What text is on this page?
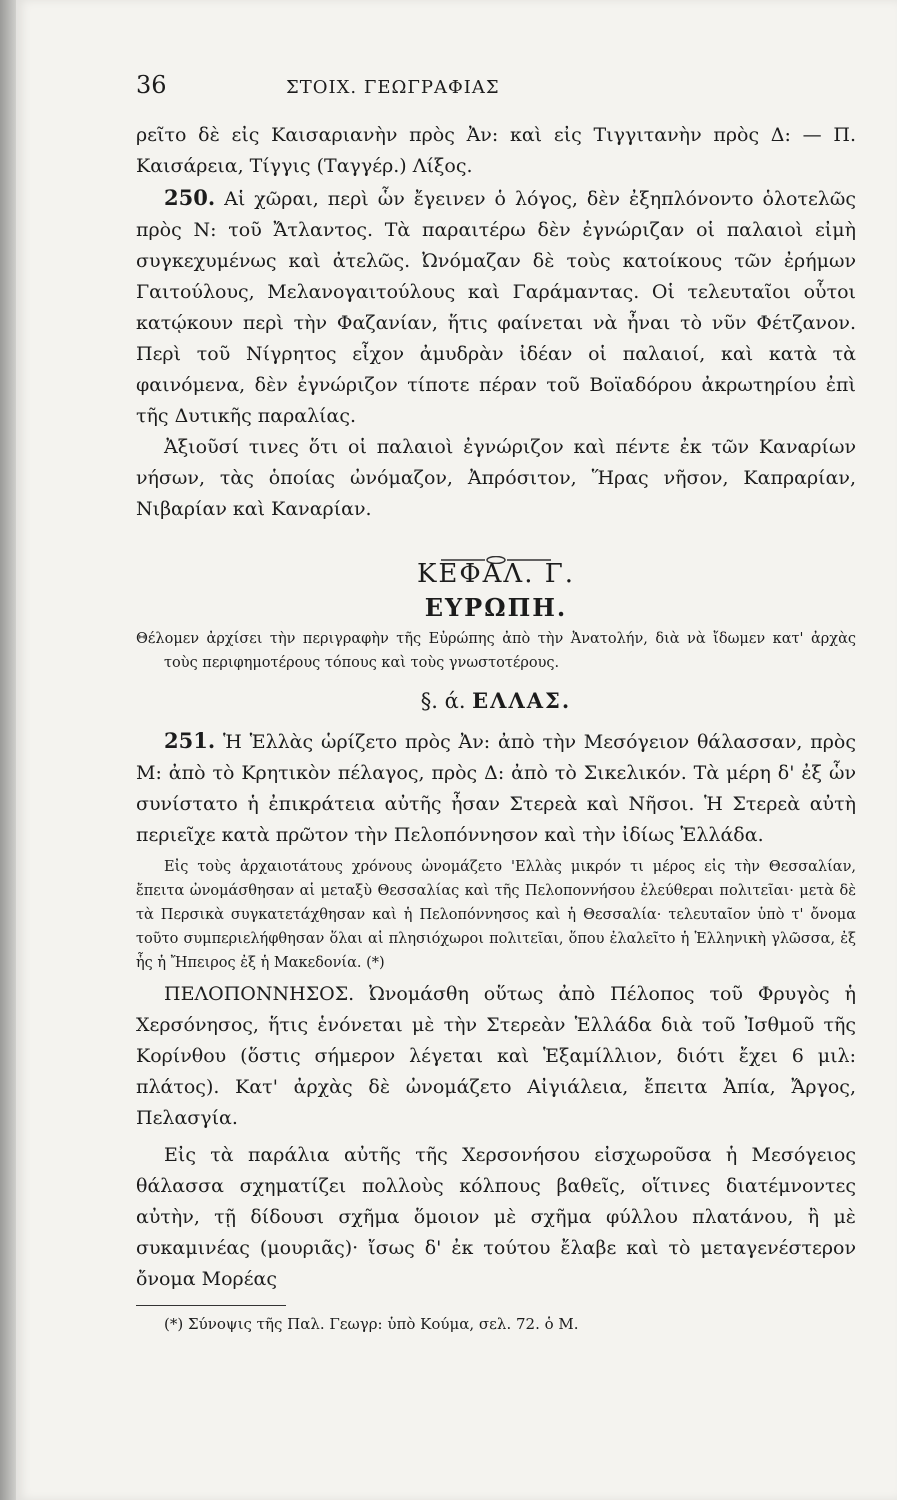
36	ΣΤΟΙΧ. ΓΕΩΓΡΑΦΙΑΣ

ρεῖτο δὲ εἰς Καισαριανὴν πρὸς Ἀν: καὶ εἰς Τιγγιτανὴν πρὸς Δ: — Π. Καισάρεια, Τίγγις (Ταγγέρ.) Λίξος.

250. Αἱ χῶραι, περὶ ὧν ἔγεινεν ὁ λόγος, δὲν ἐξηπλόνοντο ὁλοτελῶς πρὸς Ν: τοῦ Ἄτλαντος. Τὰ παραιτέρω δὲν ἐγνώριζαν οἱ παλαιοὶ εἰμὴ συγκεχυμένως καὶ ἀτελῶς. Ὠνόμαζαν δὲ τοὺς κατοίκους τῶν ἐρήμων Γαιτούλους, Μελανογαιτούλους καὶ Γαράμαντας. Οἱ τελευταῖοι οὗτοι κατῴκουν περὶ τὴν Φαζανίαν, ἥτις φαίνεται νὰ ἦναι τὸ νῦν Φέτζανον. Περὶ τοῦ Νίγρητος εἶχον ἀμυδρὰν ἰδέαν οἱ παλαιοί, καὶ κατὰ τὰ φαινόμενα, δὲν ἐγνώριζον τίποτε πέραν τοῦ Βοϊαδόρου ἀκρωτηρίου ἐπὶ τῆς Δυτικῆς παραλίας.

Ἀξιοῦσί τινες ὅτι οἱ παλαιοὶ ἐγνώριζον καὶ πέντε ἐκ τῶν Καναρίων νήσων, τὰς ὁποίας ὠνόμαζον, Ἀπρόσιτον, Ἥρας νῆσον, Καπραρίαν, Νιβαρίαν καὶ Καναρίαν.

ΚΕΦΑΛ. Γ.
ΕΥΡΩΠΗ.

Θέλομεν ἀρχίσει τὴν περιγραφὴν τῆς Εὐρώπης ἀπὸ τὴν Ἀνατολήν, διὰ νὰ ἴδωμεν κατ' ἀρχὰς τοὺς περιφημοτέρους τόπους καὶ τοὺς γνωστοτέρους.

§. ά. ΕΛΛΑΣ.

251. Ἡ Ἑλλὰς ὡρίζετο πρὸς Ἀν: ἀπὸ τὴν Μεσόγειον θάλασσαν, πρὸς Μ: ἀπὸ τὸ Κρητικὸν πέλαγος, πρὸς Δ: ἀπὸ τὸ Σικελικόν. Τὰ μέρη δ' ἐξ ὧν συνίστατο ἡ ἐπικράτεια αὐτῆς ἦσαν Στερεὰ καὶ Νῆσοι. Ἡ Στερεὰ αὐτὴ περιεῖχε κατὰ πρῶτον τὴν Πελοπόννησον καὶ τὴν ἰδίως Ἑλλάδα.

Εἰς τοὺς ἀρχαιοτάτους χρόνους ὠνομάζετο 'Ελλὰς μικρόν τι μέρος εἰς τὴν Θεσσαλίαν, ἔπειτα ὠνομάσθησαν αἱ μεταξὺ Θεσσαλίας καὶ τῆς Πελοποννήσου ἐλεύθεραι πολιτεῖαι· μετὰ δὲ τὰ Περσικὰ συγκατετάχθησαν καὶ ἡ Πελοπόννησος καὶ ἡ Θεσσαλία· τελευταῖον ὑπὸ τ' ὄνομα τοῦτο συμπεριελήφθησαν ὅλαι αἱ πλησιόχωροι πολιτεῖαι, ὅπου ἐλαλεῖτο ἡ Ἑλληνικὴ γλῶσσα, ἐξ ἧς ἡ Ἤπειρος ἐξ ἡ Μακεδονία. (*)

ΠΕΛΟΠΟΝΝΗΣΟΣ. Ὠνομάσθη οὕτως ἀπὸ Πέλοπος τοῦ Φρυγὸς ἡ Χερσόνησος, ἥτις ἑνόνεται μὲ τὴν Στερεὰν Ἑλλάδα διὰ τοῦ Ἰσθμοῦ τῆς Κορίνθου (ὅστις σήμερον λέγεται καὶ Ἑξαμίλλιον, διότι ἔχει 6 μιλ: πλάτος). Κατ' ἀρχὰς δὲ ὠνομάζετο Αἰγιάλεια, ἔπειτα Ἀπία, Ἄργος, Πελασγία.

Εἰς τὰ παράλια αὐτῆς τῆς Χερσονήσου εἰσχωροῦσα ἡ Μεσόγειος θάλασσα σχηματίζει πολλοὺς κόλπους βαθεῖς, οἵτινες διατέμνοντες αὐτὴν, τῇ δίδουσι σχῆμα ὅμοιον μὲ σχῆμα φύλλου πλατάνου, ἢ μὲ συκαμινέας (μουριᾶς)· ἴσως δ' ἐκ τούτου ἔλαβε καὶ τὸ μεταγενέστερον ὄνομα Μορέας

(*) Σύνοψις τῆς Παλ. Γεωγρ: ὑπὸ Κούμα, σελ. 72. ὁ Μ.
